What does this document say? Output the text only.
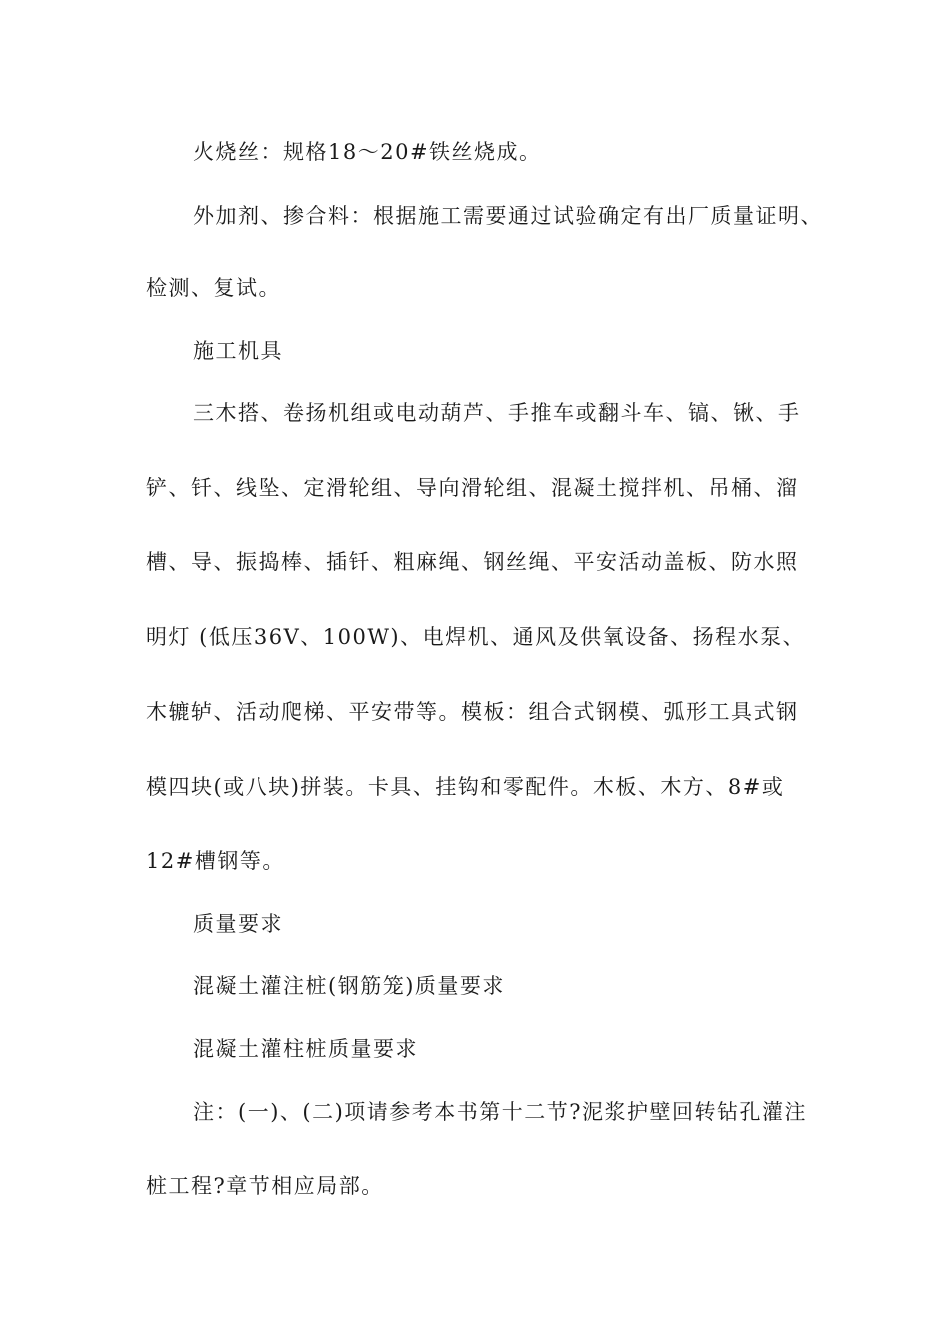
火烧丝：规格18～20#铁丝烧成。

外加剂、掺合料：根据施工需要通过试验确定有出厂质量证明、

检测、复试。

施工机具

三木搭、卷扬机组或电动葫芦、手推车或翻斗车、镐、锹、手

铲、钎、线坠、定滑轮组、导向滑轮组、混凝土搅拌机、吊桶、溜

槽、导、振捣棒、插钎、粗麻绳、钢丝绳、平安活动盖板、防水照

明灯 (低压36V、100W)、电焊机、通风及供氧设备、扬程水泵、

木辘轳、活动爬梯、平安带等。模板：组合式钢模、弧形工具式钢

模四块(或八块)拼装。卡具、挂钩和零配件。木板、木方、8#或

12#槽钢等。

质量要求

混凝土灌注桩(钢筋笼)质量要求

混凝土灌柱桩质量要求

注：(一)、(二)项请参考本书第十二节?泥浆护壁回转钻孔灌注

桩工程?章节相应局部。
